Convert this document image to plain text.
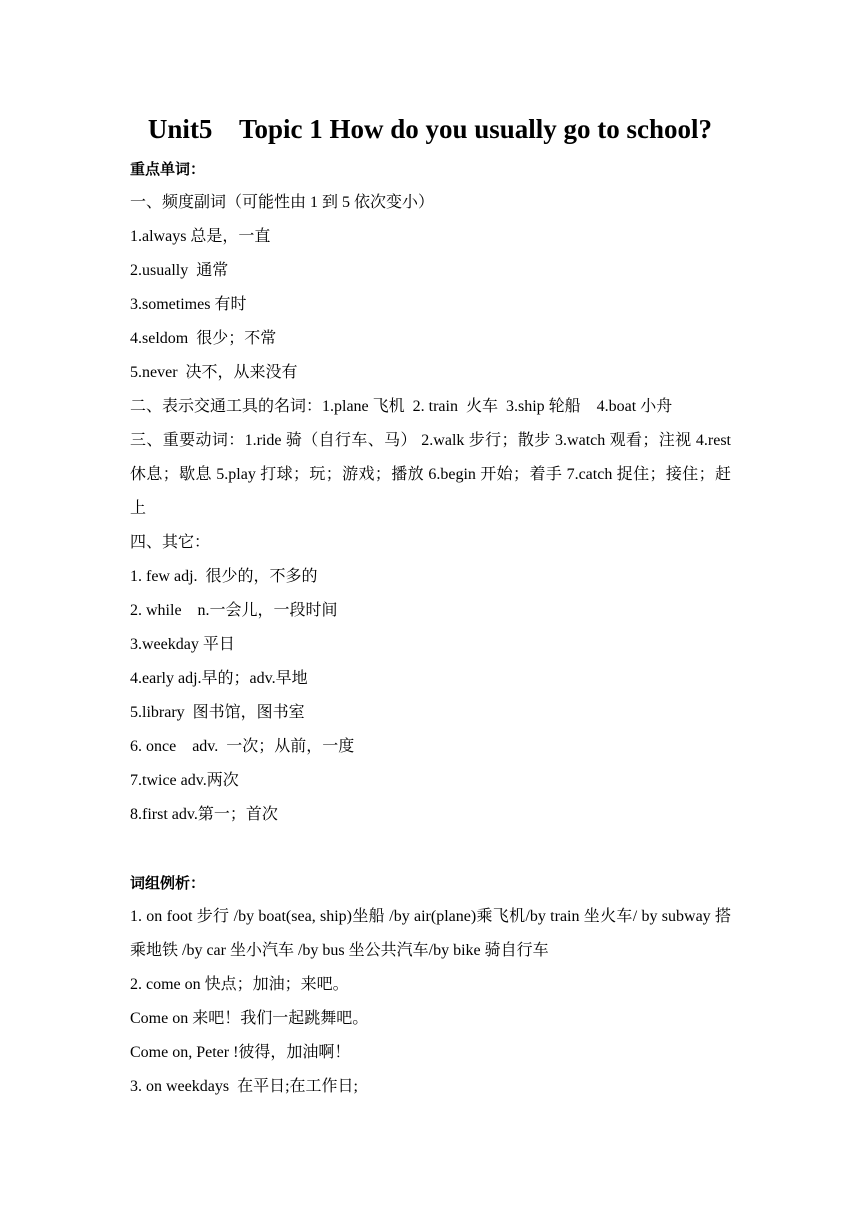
Unit5    Topic 1 How do you usually go to school?
重点单词：
一、频度副词（可能性由 1 到 5 依次变小）
1.always 总是，一直
2.usually  通常
3.sometimes 有时
4.seldom  很少；不常
5.never  决不，从来没有
二、表示交通工具的名词：1.plane 飞机  2. train  火车  3.ship 轮船    4.boat 小舟
三、重要动词：1.ride 骑（自行车、马） 2.walk 步行；散步 3.watch 观看；注视 4.rest 休息；歇息 5.play 打球；玩；游戏；播放 6.begin 开始；着手 7.catch 捉住；接住；赶上
四、其它：
1. few adj.  很少的，不多的
2. while    n.一会儿，一段时间
3.weekday 平日
4.early adj.早的；adv.早地
5.library  图书馆，图书室
6. once    adv.  一次；从前，一度
7.twice adv.两次
8.first adv.第一；首次
词组例析：
1. on foot 步行 /by boat(sea, ship)坐船 /by air(plane)乘飞机/by train 坐火车/ by subway 搭乘地铁 /by car 坐小汽车 /by bus 坐公共汽车/by bike 骑自行车
2. come on 快点；加油；来吧。
Come on 来吧！我们一起跳舞吧。
Come on, Peter !彼得，加油啊！
3. on weekdays  在平日;在工作日;
